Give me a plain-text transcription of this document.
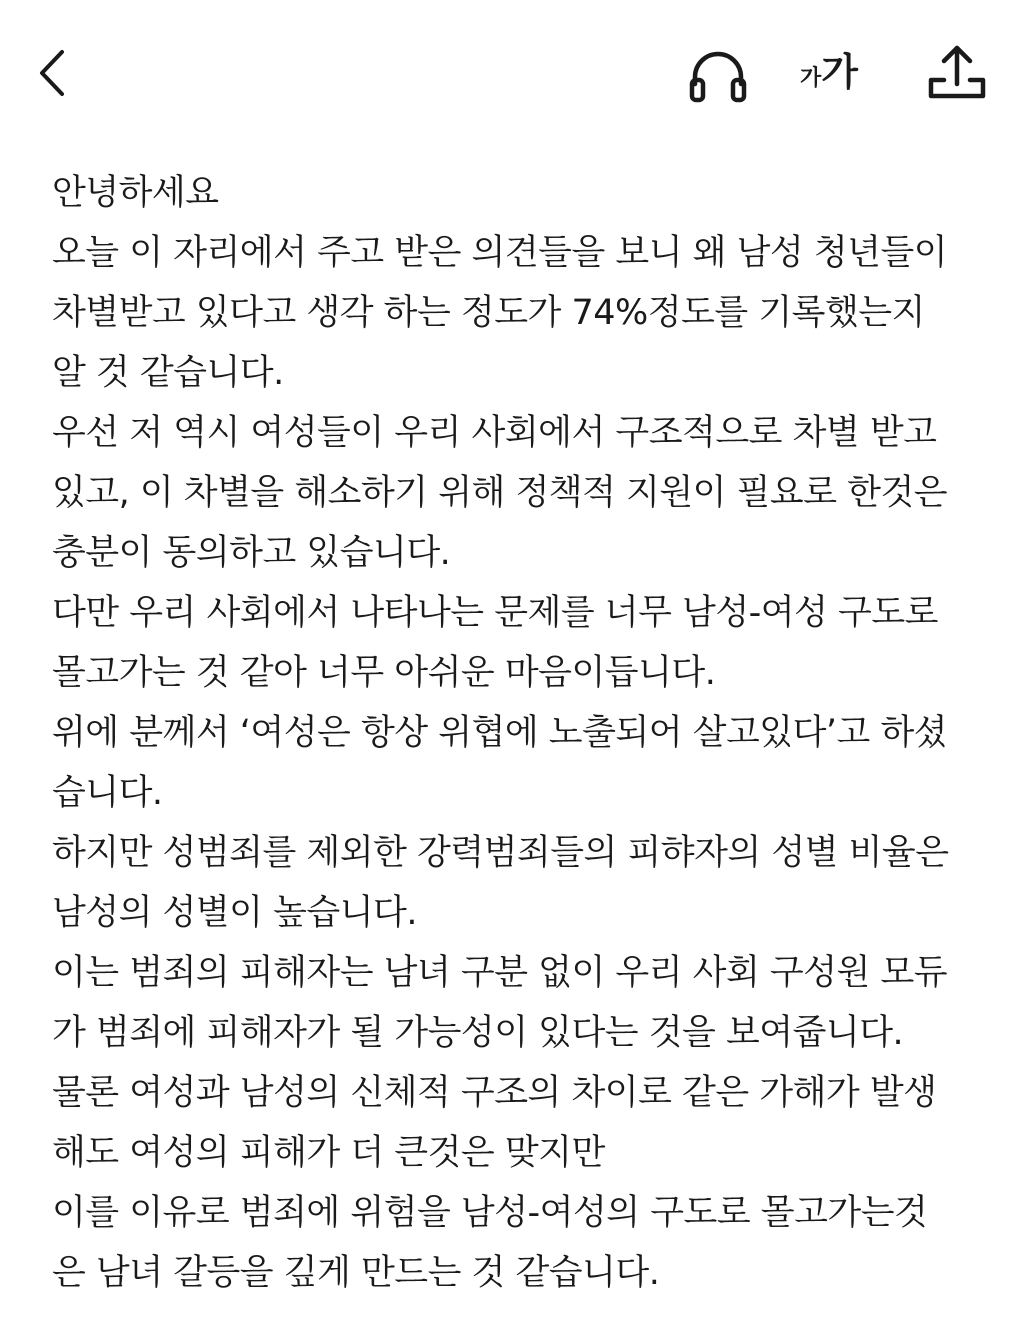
가가
안녕하세요
오늘 이 자리에서 주고 받은 의견들을 보니 왜 남성 청년들이
차별받고 있다고 생각 하는 정도가 74%정도를 기록했는지
알 것 같습니다.
우선 저 역시 여성들이 우리 사회에서 구조적으로 차별 받고
있고, 이 차별을 해소하기 위해 정책적 지원이 필요로 한것은
충분이 동의하고 있습니다.
다만 우리 사회에서 나타나는 문제를 너무 남성-여성 구도로
몰고가는 것 같아 너무 아쉬운 마음이듭니다.
위에 분께서 ‘여성은 항상 위협에 노출되어 살고있다’고 하셨
습니다.
하지만 성범죄를 제외한 강력범죄들의 피햐자의 성별 비율은
남성의 성별이 높습니다.
이는 범죄의 피해자는 남녀 구분 없이 우리 사회 구성원 모듀
가 범죄에 피해자가 될 가능성이 있다는 것을 보여줍니다.
물론 여성과 남성의 신체적 구조의 차이로 같은 가해가 발생
해도 여성의 피해가 더 큰것은 맞지만
이를 이유로 범죄에 위험을 남성-여성의 구도로 몰고가는것
은 남녀 갈등을 깊게 만드는 것 같습니다.
